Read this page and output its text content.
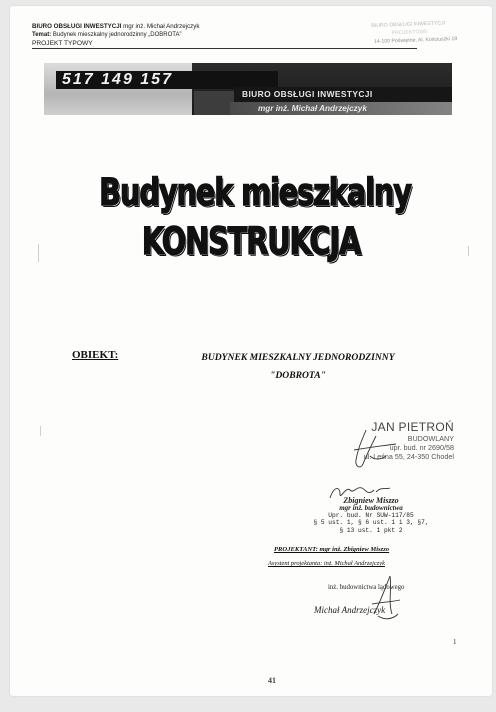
BIURO OBSŁUGI INWESTYCJI mgr inż. Michał Andrzejczyk
Temat: Budynek mieszkalny jednorodzinny „DOBROTA”
PROJEKT TYPOWY
BIURO OBSŁUGI INWESTYCJI
PROJEKTOWE
14-100 Poświętne, Al. Kościuszki 19
517 149 157
BIURO OBSŁUGI INWESTYCJI
mgr inż. Michał Andrzejczyk
Budynek mieszkalny
KONSTRUKCJA
OBIEKT:	BUDYNEK MIESZKALNY JEDNORODZINNY
"DOBROTA"
JAN PIETROŃ
BUDOWLANY
upr. bud. nr 2690/58
ul. Leśna 55, 24-350 Chodel
Zbigniew Miszzo
mgr inż. budownictwa
Upr. bud. Nr SUW-117/85
§ 5 ust. 1, § 6 ust. 1 i 3, §7,
§ 13 ust. 1 pkt 2
PROJEKTANT: mgr inż. Zbigniew Miszzo
Asystent projektanta: inż. Michał Andrzejczyk
inż. budownictwa lądowego
Michał Andrzejczyk
1
41
